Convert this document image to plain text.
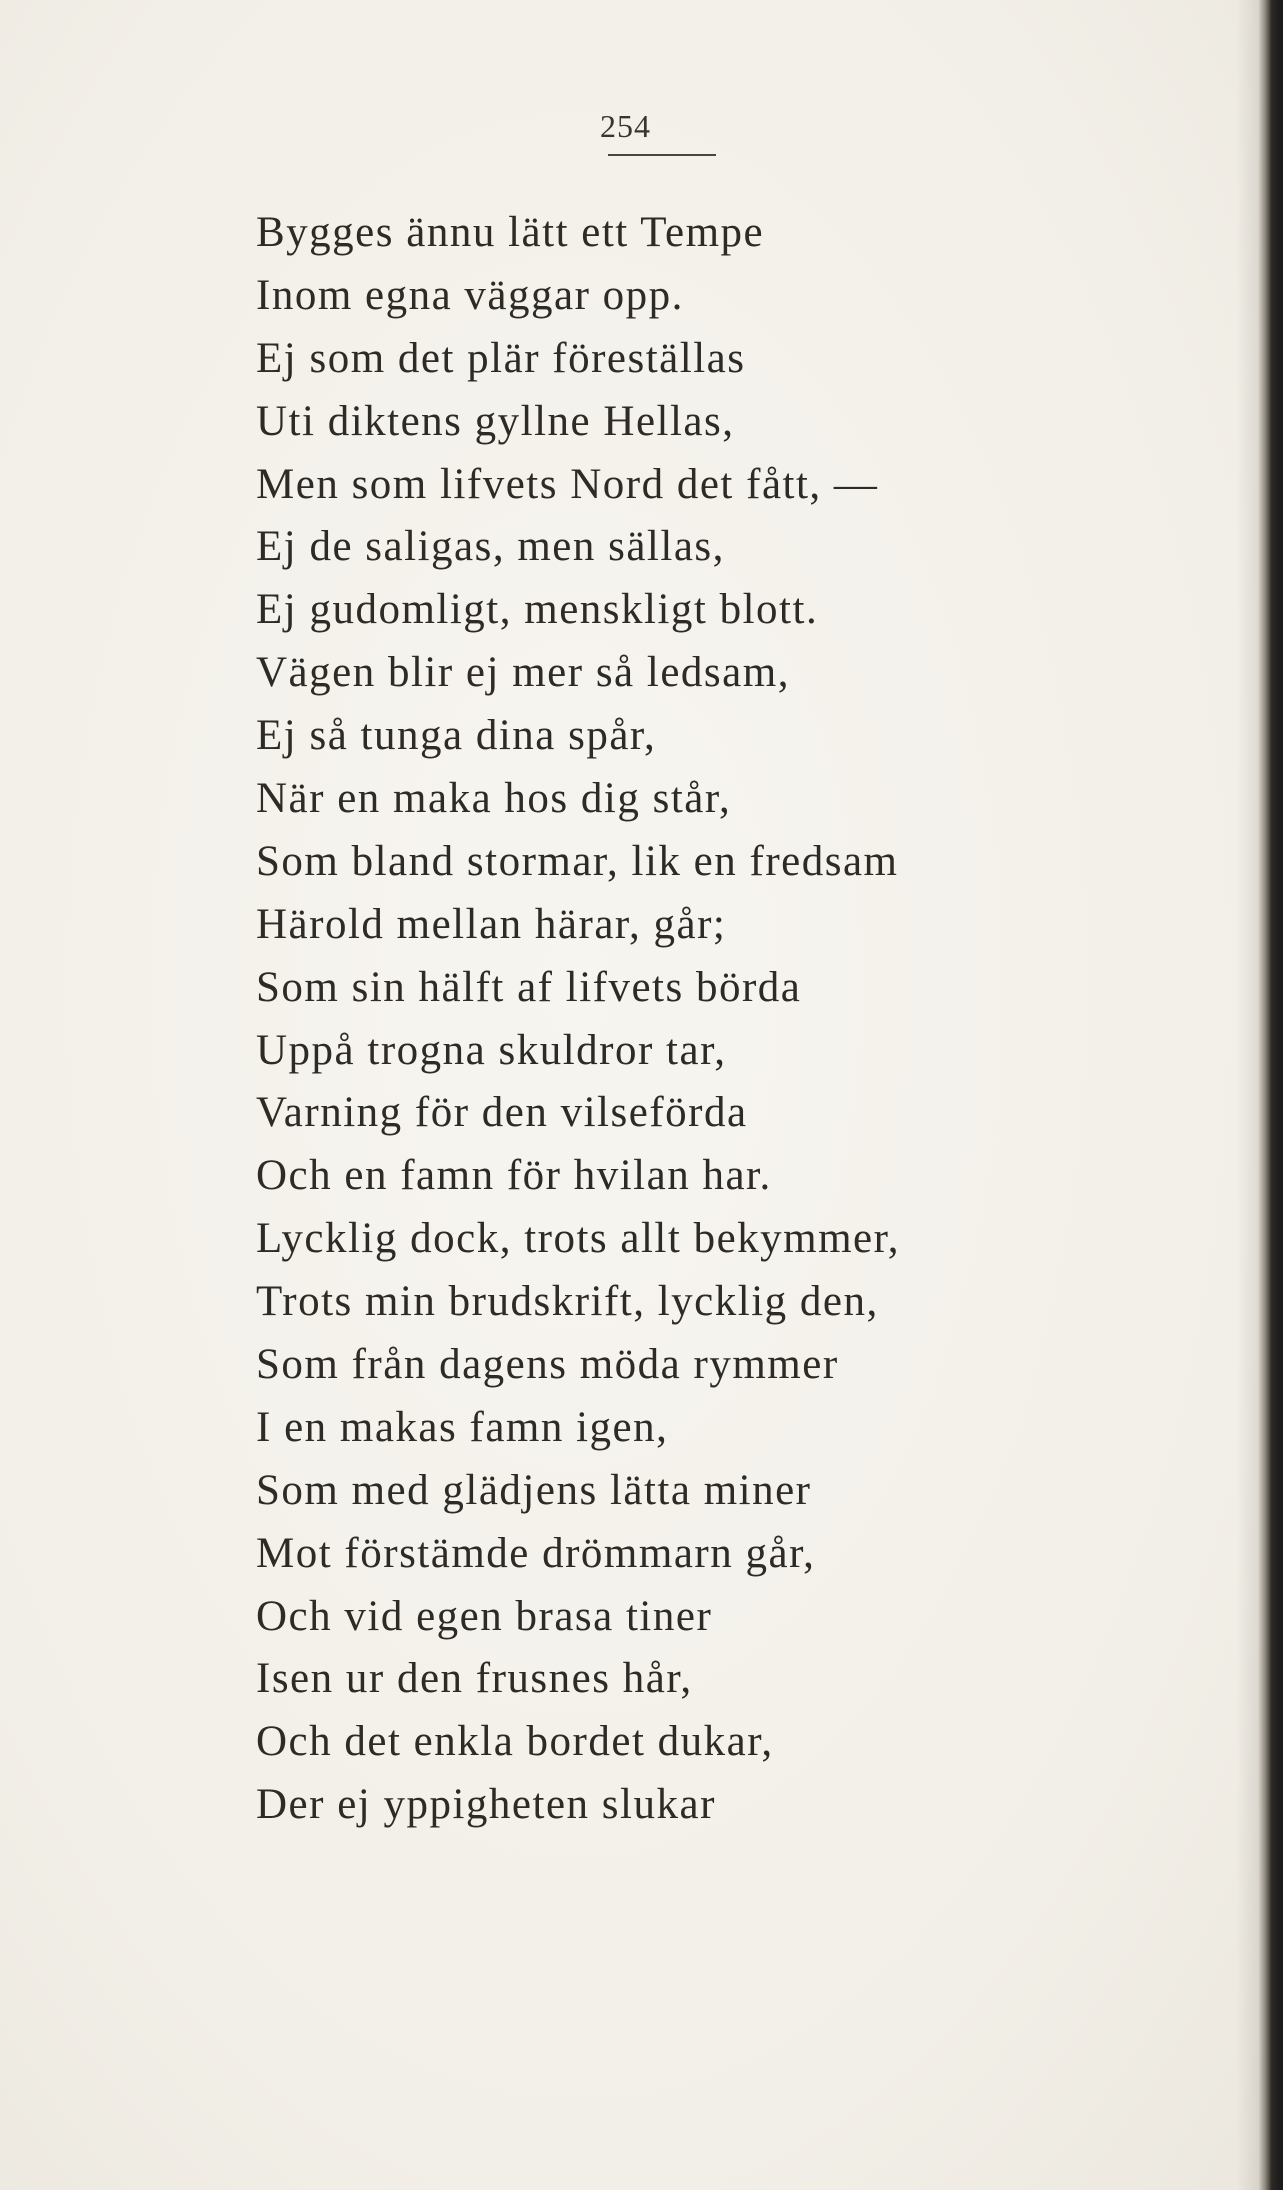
254
Bygges ännu lätt ett Tempe
Inom egna väggar opp.
Ej som det plär föreställas
Uti diktens gyllne Hellas,
Men som lifvets Nord det fått, —
Ej de saligas, men sällas,
Ej gudomligt, menskligt blott.
Vägen blir ej mer så ledsam,
Ej så tunga dina spår,
När en maka hos dig står,
Som bland stormar, lik en fredsam
Härold mellan härar, går;
Som sin hälft af lifvets börda
Uppå trogna skuldror tar,
Varning för den vilseförda
Och en famn för hvilan har.
Lycklig dock, trots allt bekymmer,
Trots min brudskrift, lycklig den,
Som från dagens möda rymmer
I en makas famn igen,
Som med glädjens lätta miner
Mot förstämde drömmarn går,
Och vid egen brasa tiner
Isen ur den frusnes hår,
Och det enkla bordet dukar,
Der ej yppigheten slukar
